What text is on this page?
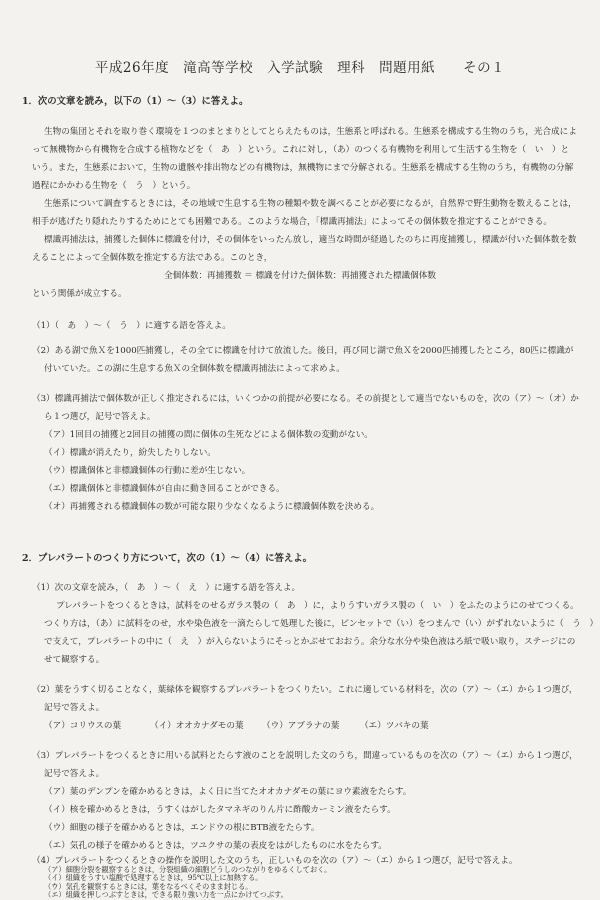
平成26年度　滝高等学校　入学試験　理科　問題用紙　　その１
1．次の文章を読み，以下の（1）～（3）に答えよ。
生物の集団とそれを取り巻く環境を１つのまとまりとしてとらえたものは，生態系と呼ばれる。生態系を構成する生物のうち，光合成によ
って無機物から有機物を合成する植物などを（　あ　）という。これに対し，（あ）のつくる有機物を利用して生活する生物を（　い　）と
いう。また，生態系において，生物の遺骸や排出物などの有機物は，無機物にまで分解される。生態系を構成する生物のうち，有機物の分解
過程にかかわる生物を（　う　）という。
生態系について調査するときには，その地域で生息する生物の種類や数を調べることが必要になるが，自然界で野生動物を数えることは，
相手が逃げたり隠れたりするためにとても困難である。このような場合，「標識再捕法」によってその個体数を推定することができる。
標識再捕法は，捕獲した個体に標識を付け，その個体をいったん放し，適当な時間が経過したのちに再度捕獲し，標識が付いた個体数を数
えることによって全個体数を推定する方法である。このとき，
全個体数：再捕獲数 ＝ 標識を付けた個体数：再捕獲された標識個体数
という関係が成立する。
（1）（　あ　）～（　う　）に適する語を答えよ。
（2）ある湖で魚Ｘを1000匹捕獲し，その全てに標識を付けて放流した。後日，再び同じ湖で魚Ｘを2000匹捕獲したところ，80匹に標識が
付いていた。この湖に生息する魚Ｘの全個体数を標識再捕法によって求めよ。
（3）標識再捕法で個体数が正しく推定されるには，いくつかの前提が必要になる。その前提として適当でないものを，次の（ア）～（オ）か
ら１つ選び，記号で答えよ。
（ア）1回目の捕獲と2回目の捕獲の間に個体の生死などによる個体数の変動がない。
（イ）標識が消えたり，紛失したりしない。
（ウ）標識個体と非標識個体の行動に差が生じない。
（エ）標識個体と非標識個体が自由に動き回ることができる。
（オ）再捕獲される標識個体の数が可能な限り少なくなるように標識個体数を決める。
2．プレパラートのつくり方について，次の（1）～（4）に答えよ。
（1）次の文章を読み，（　あ　）～（　え　）に適する語を答えよ。
プレパラートをつくるときは，試料をのせるガラス製の（　あ　）に，よりうすいガラス製の（　い　）をふたのようにのせてつくる。
つくり方は，（あ）に試料をのせ，水や染色液を一滴たらして処理した後に，ピンセットで（い）をつまんで（い）がずれないように（　う　）
で支えて，プレパラートの中に（　え　）が入らないようにそっとかぶせておおう。余分な水分や染色液はろ紙で吸い取り，ステージにの
せて観察する。
（2）葉をうすく切ることなく，葉緑体を観察するプレパラートをつくりたい。これに適している材料を，次の（ア）～（エ）から１つ選び，
記号で答えよ。
（ア）コリウスの葉	（イ）オオカナダモの葉 （ウ）アブラナの葉 （エ）ツバキの葉
（3）プレパラートをつくるときに用いる試料とたらす液のことを説明した文のうち，間違っているものを次の（ア）～（エ）から１つ選び，
記号で答えよ。
（ア）葉のデンプンを確かめるときは，よく日に当てたオオカナダモの葉にヨウ素液をたらす。
（イ）核を確かめるときは，うすくはがしたタマネギのりん片に酢酸カーミン液をたらす。
（ウ）細胞の様子を確かめるときは，エンドウの根にBTB液をたらす。
（エ）気孔の様子を確かめるときは，ツユクサの葉の表皮をはがしたものに水をたらす。
（4）プレパラートをつくるときの操作を説明した文のうち，正しいものを次の（ア）～（エ）から１つ選び，記号で答えよ。
（ア）細胞分裂を観察するときは，分裂組織の細胞どうしのつながりをゆるくしておく。
（イ）組織をうすい塩酸で処理するときは，95℃以上に加熱する。
（ウ）気孔を観察するときには，葉をなるべくそのまま封じる。
（エ）組織を押しつぶすときは，できる限り強い力を一点にかけてつぶす。
